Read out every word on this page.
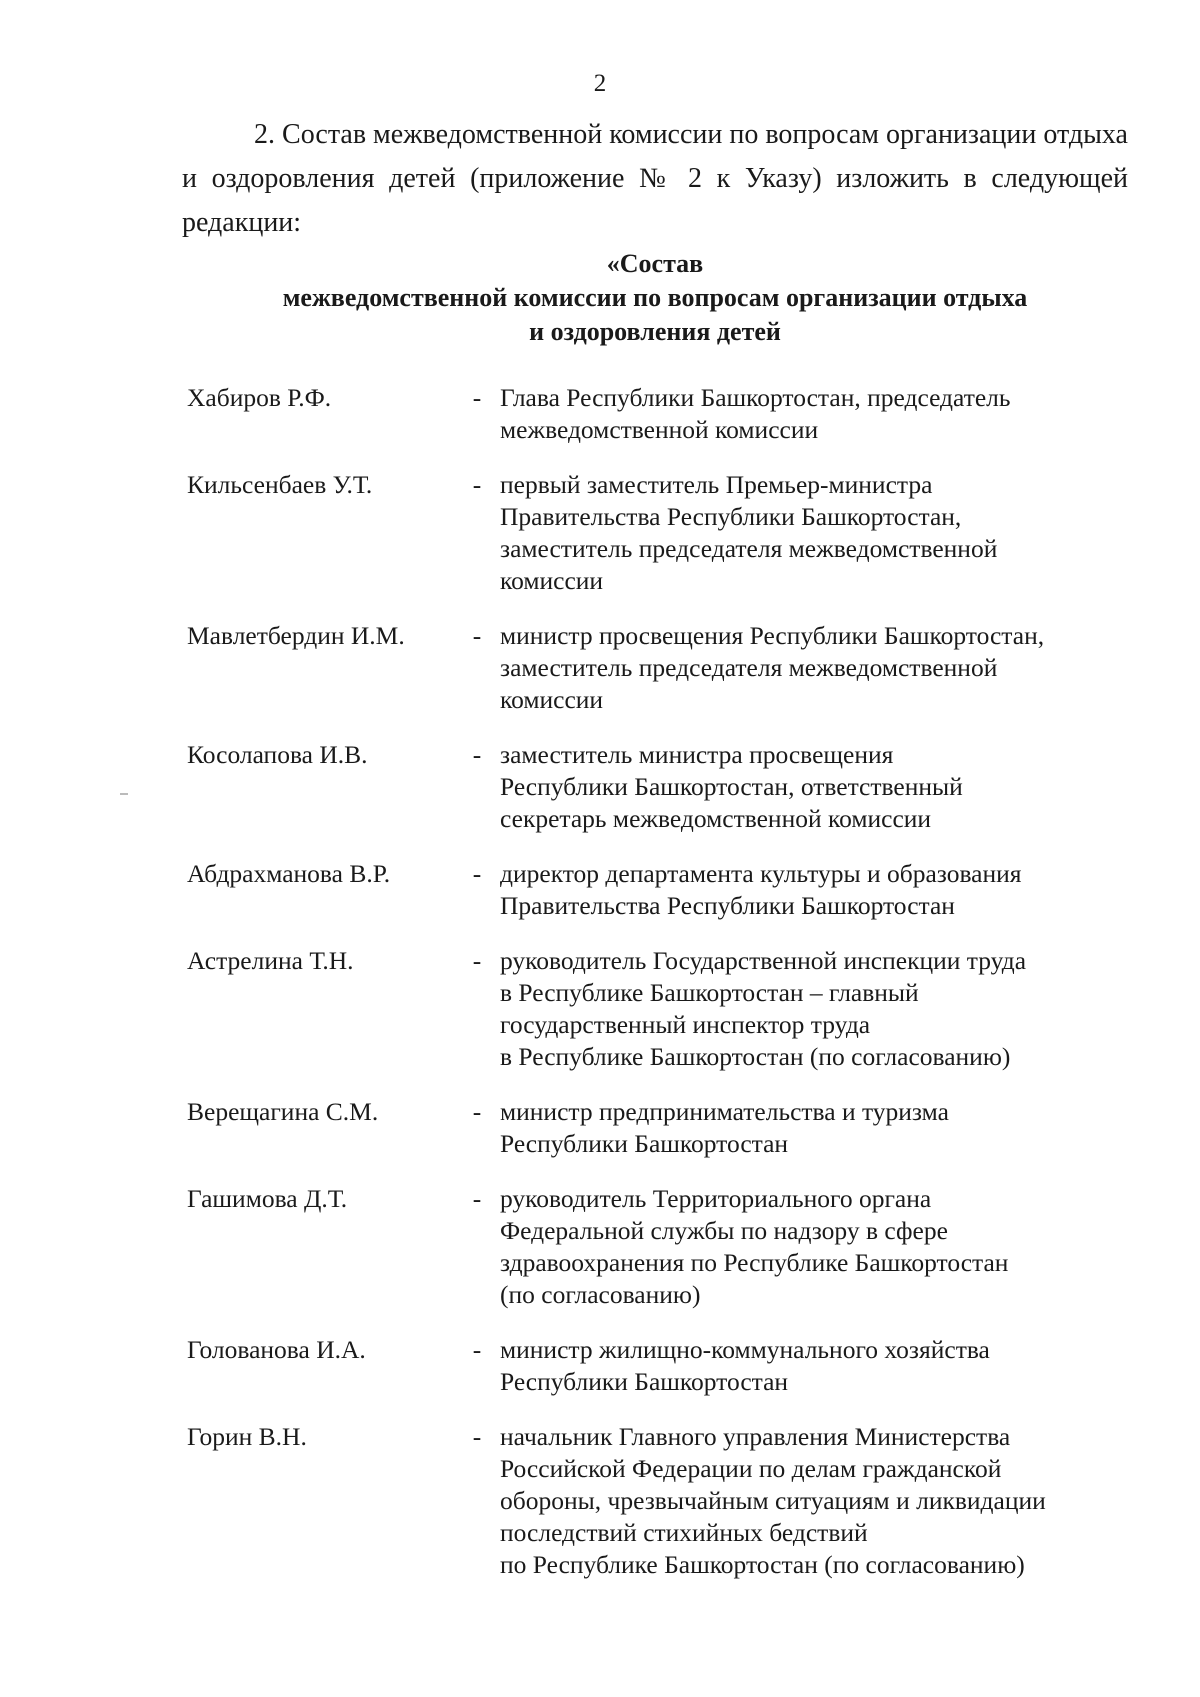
2

2. Состав межведомственной комиссии по вопросам организации отдыха и оздоровления детей (приложение № 2 к Указу) изложить в следующей редакции:

«Состав
межведомственной комиссии по вопросам организации отдыха
и оздоровления детей
Хабиров Р.Ф.	- Глава Республики Башкортостан, председатель
межведомственной комиссии
Кильсенбаев У.Т.	- первый заместитель Премьер-министра
Правительства Республики Башкортостан,
заместитель председателя межведомственной
комиссии
Мавлетбердин И.М.	- министр просвещения Республики Башкортостан,
заместитель председателя межведомственной
комиссии
Косолапова И.В.	- заместитель министра просвещения
Республики Башкортостан, ответственный
секретарь межведомственной комиссии
Абдрахманова В.Р.	- директор департамента культуры и образования
Правительства Республики Башкортостан
Астрелина Т.Н.	- руководитель Государственной инспекции труда
в Республике Башкортостан – главный
государственный инспектор труда
в Республике Башкортостан (по согласованию)
Верещагина С.М.	- министр предпринимательства и туризма
Республики Башкортостан
Гашимова Д.Т.	- руководитель Территориального органа
Федеральной службы по надзору в сфере
здравоохранения по Республике Башкортостан
(по согласованию)
Голованова И.А.	- министр жилищно-коммунального хозяйства
Республики Башкортостан
Горин В.Н.	- начальник Главного управления Министерства
Российской Федерации по делам гражданской
обороны, чрезвычайным ситуациям и ликвидации
последствий стихийных бедствий
по Республике Башкортостан (по согласованию)
